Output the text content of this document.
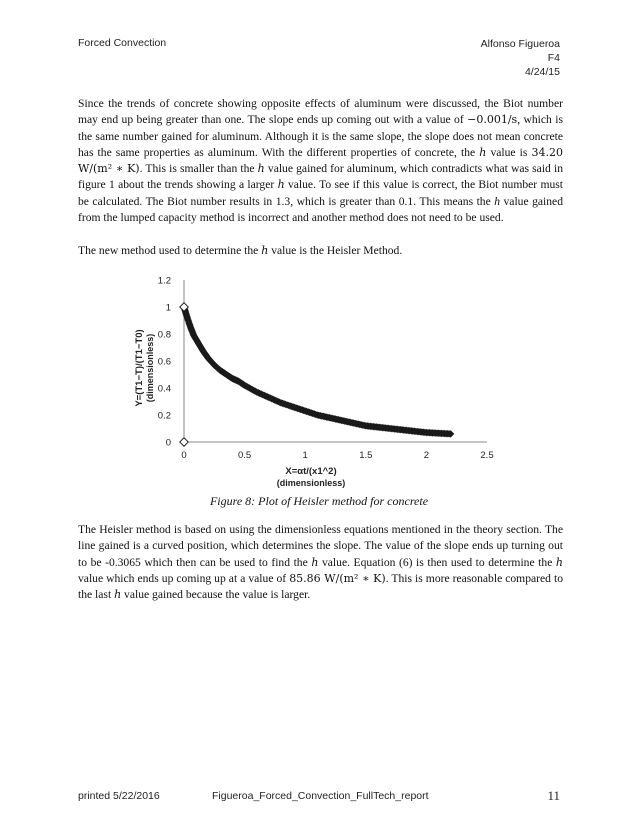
Forced Convection	Alfonso Figueroa
F4
4/24/15
Since the trends of concrete showing opposite effects of aluminum were discussed, the Biot number may end up being greater than one. The slope ends up coming out with a value of −0.001/s, which is the same number gained for aluminum. Although it is the same slope, the slope does not mean concrete has the same properties as aluminum. With the different properties of concrete, the h value is 34.20 W/(m² ∗ K). This is smaller than the h value gained for aluminum, which contradicts what was said in figure 1 about the trends showing a larger h value. To see if this value is correct, the Biot number must be calculated. The Biot number results in 1.3, which is greater than 0.1. This means the h value gained from the lumped capacity method is incorrect and another method does not need to be used.
The new method used to determine the h value is the Heisler Method.
0
0.2
0.4
0.6
0.8
1
1.2
0	0.5	1	1.5	2	2.5
Y=(T1−T)/(T1−T0) (dimensionless)
X=αt/(x1^2)
(dimensionless)
Figure 8: Plot of Heisler method for concrete
The Heisler method is based on using the dimensionless equations mentioned in the theory section. The line gained is a curved position, which determines the slope. The value of the slope ends up turning out to be -0.3065 which then can be used to find the h value. Equation (6) is then used to determine the h value which ends up coming up at a value of 85.86 W/(m² ∗ K). This is more reasonable compared to the last h value gained because the value is larger.
printed 5/22/2016	Figueroa_Forced_Convection_FullTech_report	11
